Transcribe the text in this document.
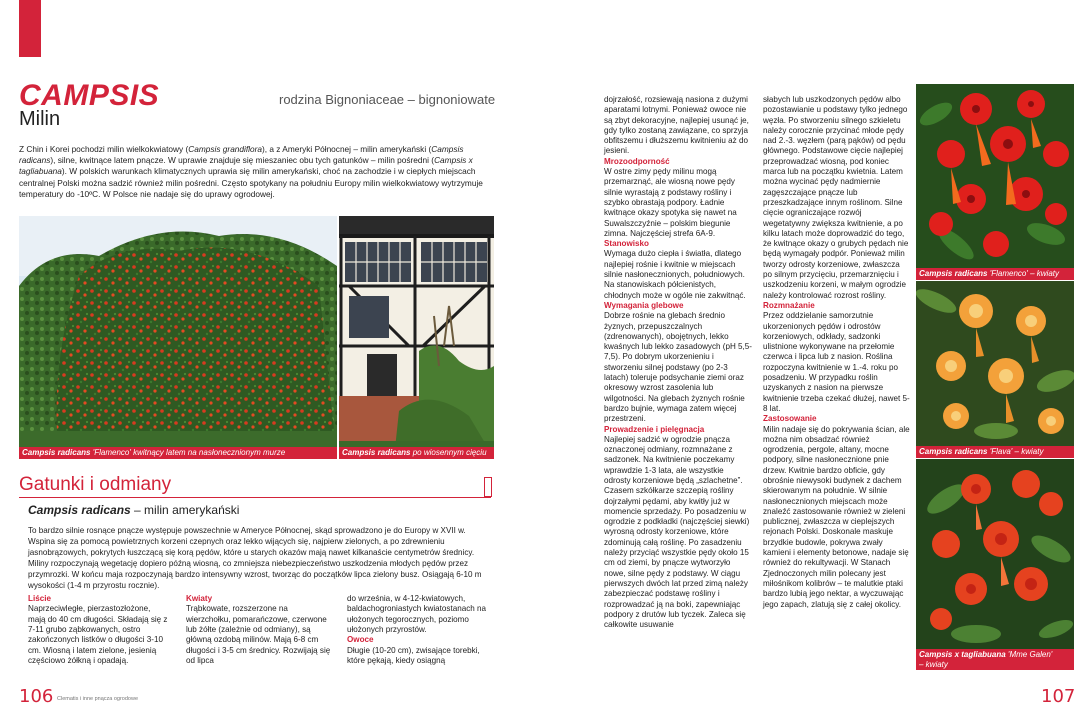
CAMPSIS
Milin
rodzina Bignoniaceae – bignoniowate
Z Chin i Korei pochodzi milin wielkokwiatowy (Campsis grandiflora), a z Ameryki Północnej – milin amerykański (Campsis radicans), silne, kwitnące latem pnącze. W uprawie znajduje się mieszaniec obu tych gatunków – milin pośredni (Campsis x tagliabuana). W polskich warunkach klimatycznych uprawia się milin amerykański, choć na zachodzie i w ciepłych miejscach centralnej Polski można sadzić również milin pośredni. Często spotykany na południu Europy milin wielkokwiatowy wytrzymuje temperatury do -10ºC. W Polsce nie nadaje się do uprawy ogrodowej.
Campsis radicans 'Flamenco' kwitnący latem na nasłonecznionym murze	Campsis radicans po wiosennym cięciu
Gatunki i odmiany
Campsis radicans – milin amerykański
To bardzo silnie rosnące pnącze występuje powszechnie w Ameryce Północnej, skąd sprowadzono je do Europy w XVII w. Wspina się za pomocą powietrznych korzeni czepnych oraz lekko wijących się, najpierw zielonych, a po zdrewnieniu jasnobrązowych, pokrytych łuszczącą się korą pędów, które u starych okazów mają nawet kilkanaście centymetrów średnicy. Miliny rozpoczynają wegetację dopiero późną wiosną, co zmniejsza niebezpieczeństwo uszkodzenia młodych pędów przez przymrozki. W końcu maja rozpoczynają bardzo intensywny wzrost, tworząc do początków lipca zielony busz. Osiągają 6-10 m wysokości (1-4 m przyrostu rocznie).
Liście
Naprzeciwległe, pierzastozłożone, mają do 40 cm długości. Składają się z 7-11 grubo ząbkowanych, ostro zakończonych listków o długości 3-10 cm. Wiosną i latem zielone, jesienią częściowo żółkną i opadają.
Kwiaty
Trąbkowate, rozszerzone na wierzchołku, pomarańczowe, czerwone lub żółte (zależnie od odmiany), są główną ozdobą milinów. Mają 6-8 cm długości i 3-5 cm średnicy. Rozwijają się od lipca
do września, w 4-12-kwiatowych, baldachogroniastych kwiatostanach na ułożonych tegorocznych, poziomo ułożonych przyrostów.
Owoce
Długie (10-20 cm), zwisające torebki, które pękają, kiedy osiągną
dojrzałość, rozsiewają nasiona z dużymi aparatami lotnymi. Ponieważ owoce nie są zbyt dekoracyjne, najlepiej usunąć je, gdy tylko zostaną zawiązane, co sprzyja obfitszemu i dłuższemu kwitnieniu aż do jesieni.
Mrozoodporność
W ostre zimy pędy milinu mogą przemarznąć, ale wiosną nowe pędy silnie wyrastają z podstawy rośliny i szybko obrastają podpory. Ładnie kwitnące okazy spotyka się nawet na Suwalszczyźnie – polskim biegunie zimna. Najczęściej strefa 6A-9.
Stanowisko
Wymaga dużo ciepła i światła, dlatego najlepiej rośnie i kwitnie w miejscach silnie nasłonecznionych, południowych. Na stanowiskach półcienistych, chłodnych może w ogóle nie zakwitnąć.
Wymagania glebowe
Dobrze rośnie na glebach średnio żyznych, przepuszczalnych (zdrenowanych), obojętnych, lekko kwaśnych lub lekko zasadowych (pH 5,5-7,5). Po dobrym ukorzenieniu i stworzeniu silnej podstawy (po 2-3 latach) toleruje podsychanie ziemi oraz okresowy wzrost zasolenia lub wilgotności. Na glebach żyznych rośnie bardzo bujnie, wymaga zatem więcej przestrzeni.
Prowadzenie i pielęgnacja
Najlepiej sadzić w ogrodzie pnącza oznaczonej odmiany, rozmnażane z sadzonek. Na kwitnienie poczekamy wprawdzie 1-3 lata, ale wszystkie odrosty korzeniowe będą „szlachetne”. Czasem szkółkarze szczepią rośliny dojrzałymi pędami, aby kwitły już w momencie sprzedaży. Po posadzeniu w ogrodzie z podkładki (najczęściej siewki) wyrosną odrosty korzeniowe, które zdominują całą roślinę. Po zasadzeniu należy przyciąć wszystkie pędy około 15 cm od ziemi, by pnącze wytworzyło nowe, silne pędy z podstawy. W ciągu pierwszych dwóch lat przed zimą należy zabezpieczać podstawę rośliny i rozprowadzać ją na boki, zapewniając podpory z drutów lub tyczek. Zaleca się całkowite usuwanie
słabych lub uszkodzonych pędów albo pozostawianie u podstawy tylko jednego węzła. Po stworzeniu silnego szkieletu należy corocznie przycinać młode pędy nad 2.-3. węzłem (parą pąków) od pędu głównego. Podstawowe cięcie najlepiej przeprowadzać wiosną, pod koniec marca lub na początku kwietnia. Latem można wycinać pędy nadmiernie zagęszczające pnącze lub przeszkadzające innym roślinom. Silne cięcie ograniczające rozwój wegetatywny zwiększa kwitnienie, a po kilku latach może doprowadzić do tego, że kwitnące okazy o grubych pędach nie będą wymagały podpór. Ponieważ milin tworzy odrosty korzeniowe, zwłaszcza po silnym przycięciu, przemarznięciu i uszkodzeniu korzeni, w małym ogrodzie należy kontrolować rozrost rośliny.
Rozmnażanie
Przez oddzielanie samorzutnie ukorzenionych pędów i odrostów korzeniowych, odkłady, sadzonki ulistnione wykonywane na przełomie czerwca i lipca lub z nasion. Roślina rozpoczyna kwitnienie w 1.-4. roku po posadzeniu. W przypadku roślin uzyskanych z nasion na pierwsze kwitnienie trzeba czekać dłużej, nawet 5-8 lat.
Zastosowanie
Milin nadaje się do pokrywania ścian, ale można nim obsadzać również ogrodzenia, pergole, altany, mocne podpory, silne nasłonecznione pnie drzew. Kwitnie bardzo obficie, gdy obrośnie niewysoki budynek z dachem skierowanym na południe. W silnie nasłonecznionych miejscach może znaleźć zastosowanie również w zieleni publicznej, zwłaszcza w cieplejszych rejonach Polski. Doskonale maskuje brzydkie budowle, pokrywa zwały kamieni i elementy betonowe, nadaje się również do rekultywacji. W Stanach Zjednoczonych milin polecany jest miłośnikom kolibrów – te malutkie ptaki bardzo lubią jego nektar, a wyczuwając jego zapach, zlatują się z całej okolicy.
Campsis radicans 'Flamenco' – kwiaty
Campsis radicans 'Flava' – kwiaty
Campsis x tagliabuana 'Mme Galen'
– kwiaty
106 Clematis i inne pnącza ogrodowe	107
